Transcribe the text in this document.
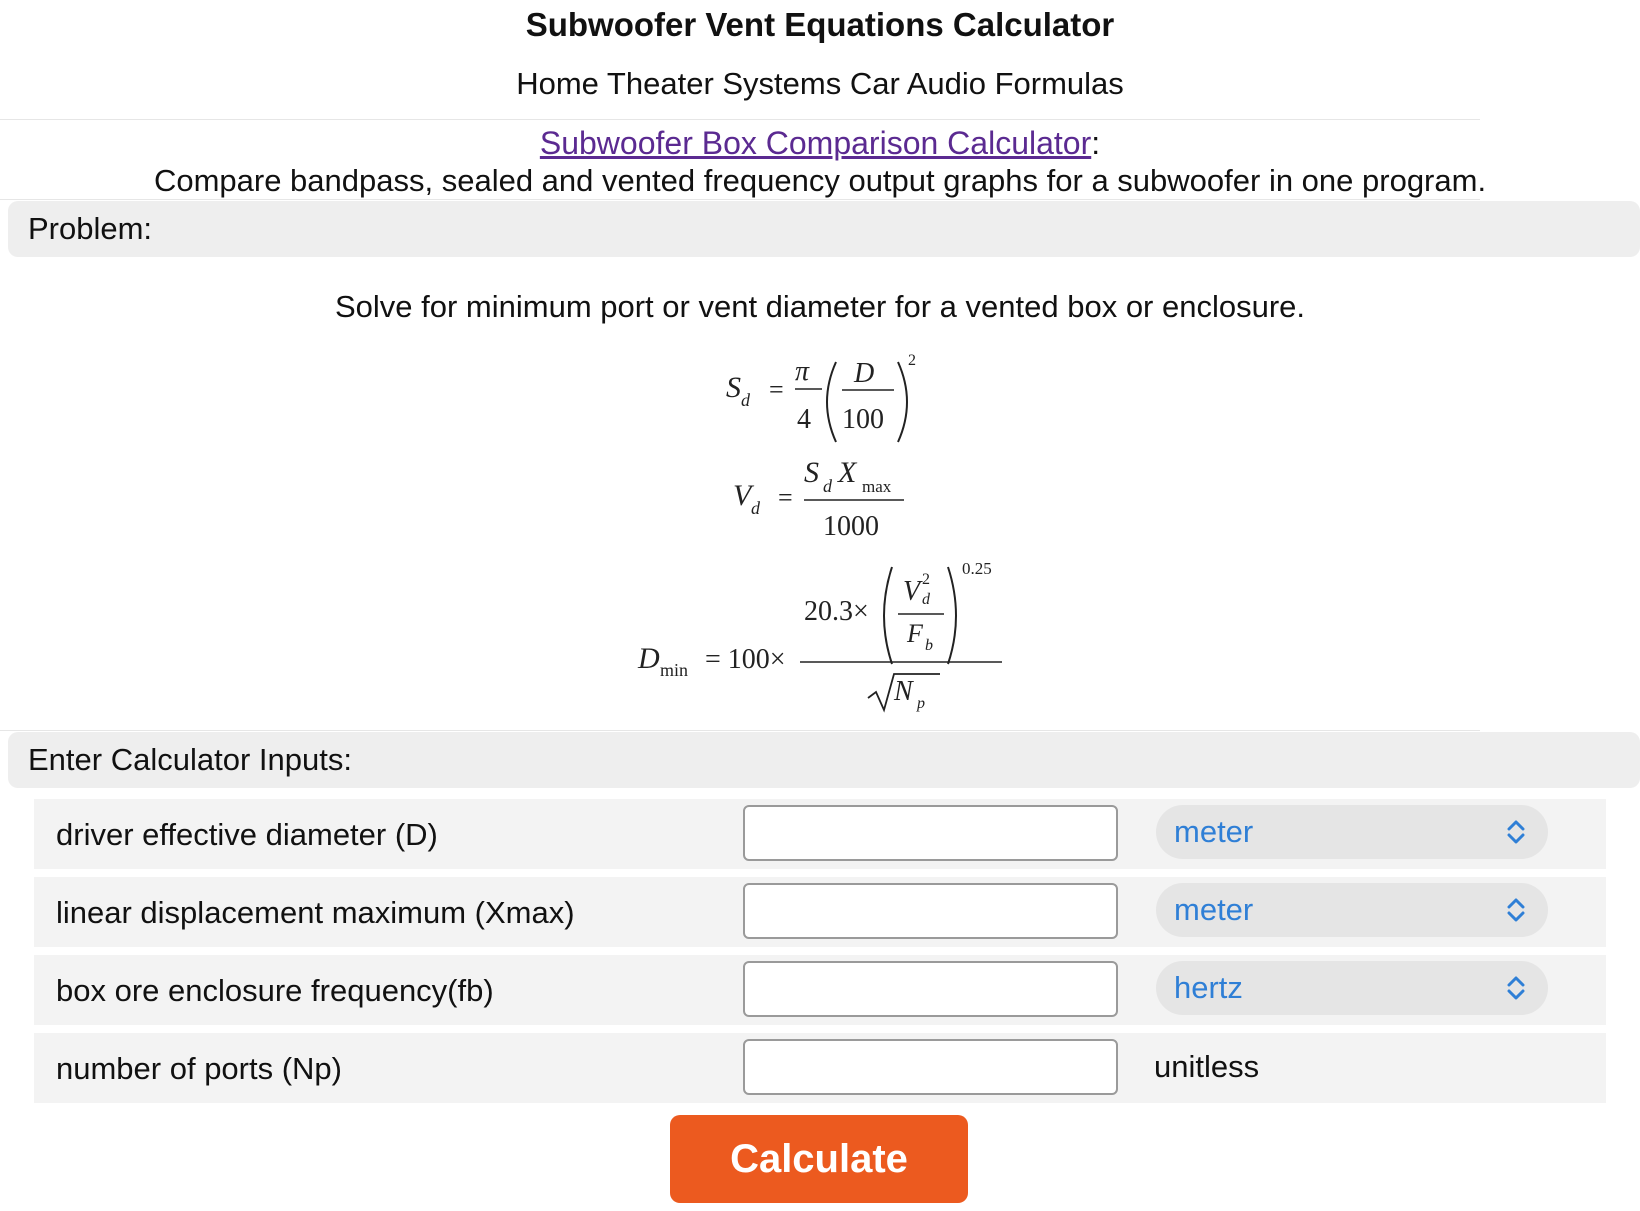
Subwoofer Vent Equations Calculator
Home Theater Systems Car Audio Formulas
Subwoofer Box Comparison Calculator:
Compare bandpass, sealed and vented frequency output graphs for a subwoofer in one program.
Problem:
Solve for minimum port or vent diameter for a vented box or enclosure.
S d =
π
4
D
100
2
V d =
S d X max
1000
D min = 100×
20.3×
V 2
d
F b
0.25
N p
Enter Calculator Inputs:
driver effective diameter (D)	meter
linear displacement maximum (Xmax)	meter
box ore enclosure frequency(fb)	hertz
number of ports (Np)	unitless
Calculate
